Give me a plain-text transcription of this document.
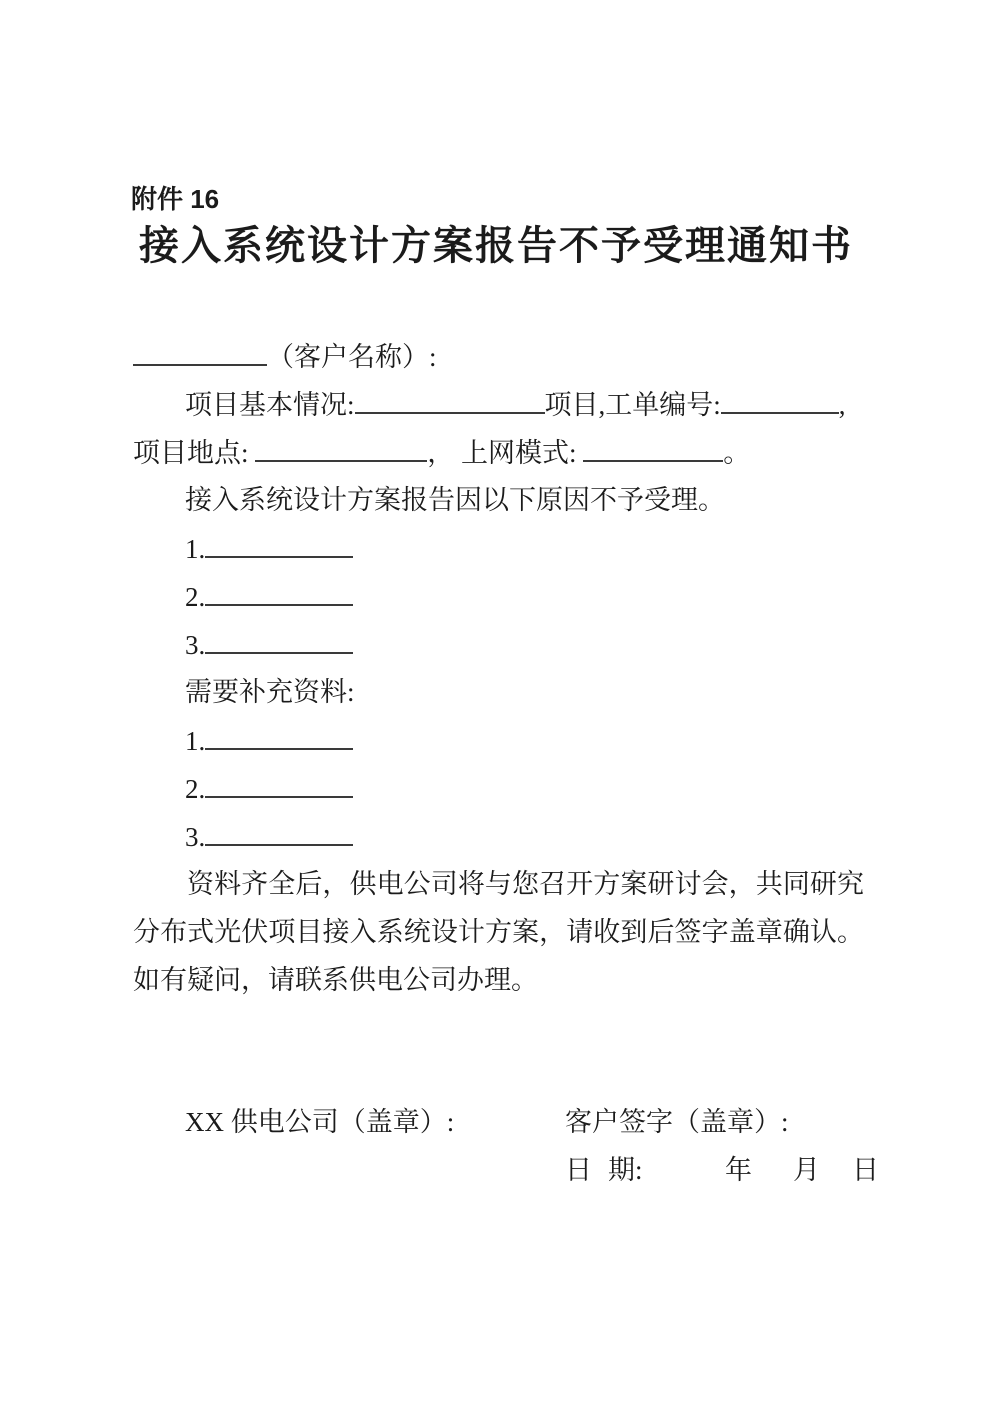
附件 16
接入系统设计方案报告不予受理通知书

（客户名称）:

项目基本情况:	项目,工单编号:	,

项目地点:	， 上网模式:	。

接入系统设计方案报告因以下原因不予受理。

1.

2.

3.

需要补充资料:

1.

2.

3.

资料齐全后，供电公司将与您召开方案研讨会，共同研究分布式光伏项目接入系统设计方案，请收到后签字盖章确认。如有疑问，请联系供电公司办理。

XX 供电公司（盖章）:	客户签字（盖章）:
日 期:	年 月 日
